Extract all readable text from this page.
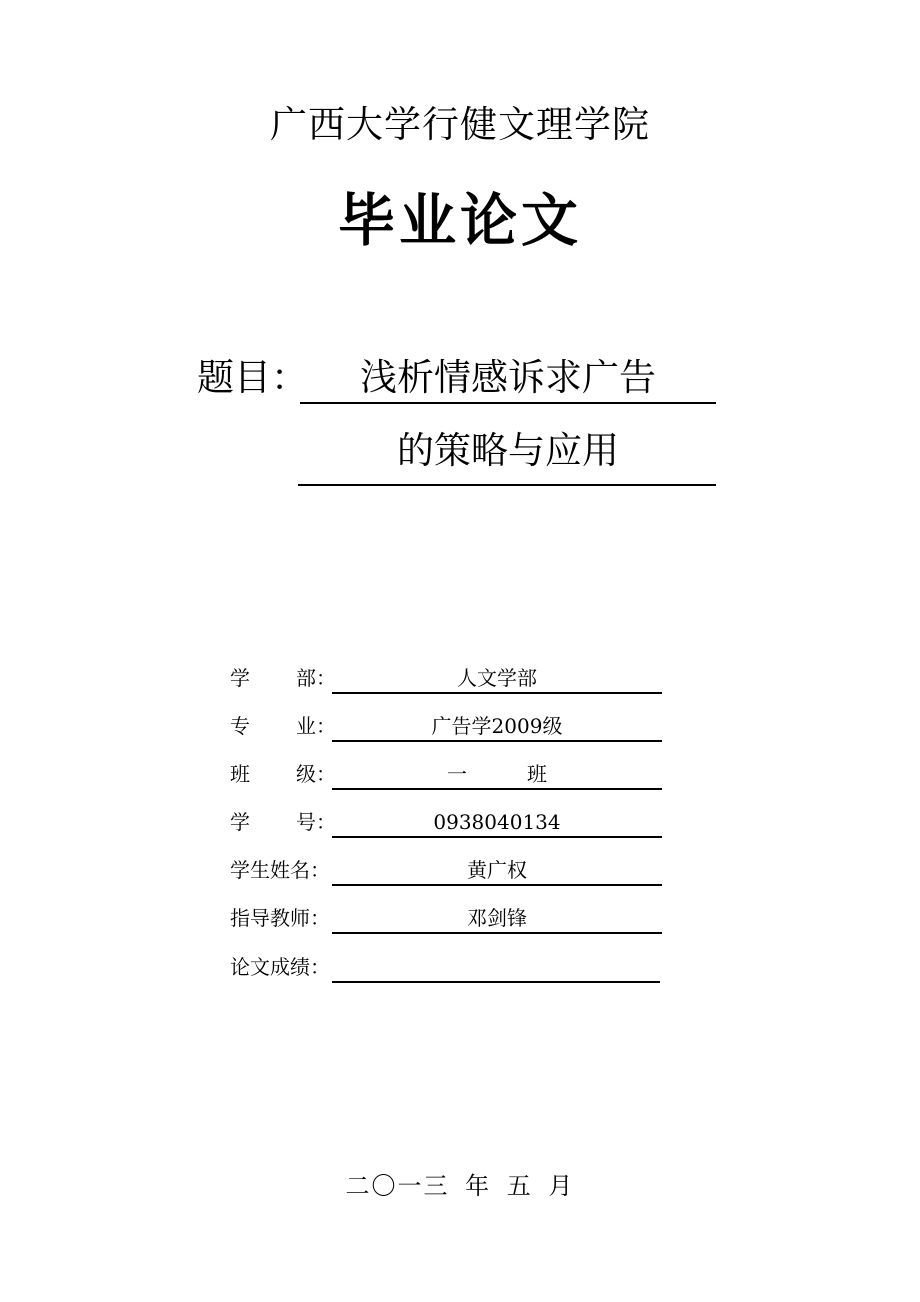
广西大学行健文理学院
毕业论文
题目：	浅析情感诉求广告
的策略与应用
学 部：	人文学部
专 业：	广告学2009级
班 级：	一　　　班
学 号：	0938040134
学生姓名：	黄广权
指导教师：	邓剑锋
论文成绩：
二〇一三 年 五 月
